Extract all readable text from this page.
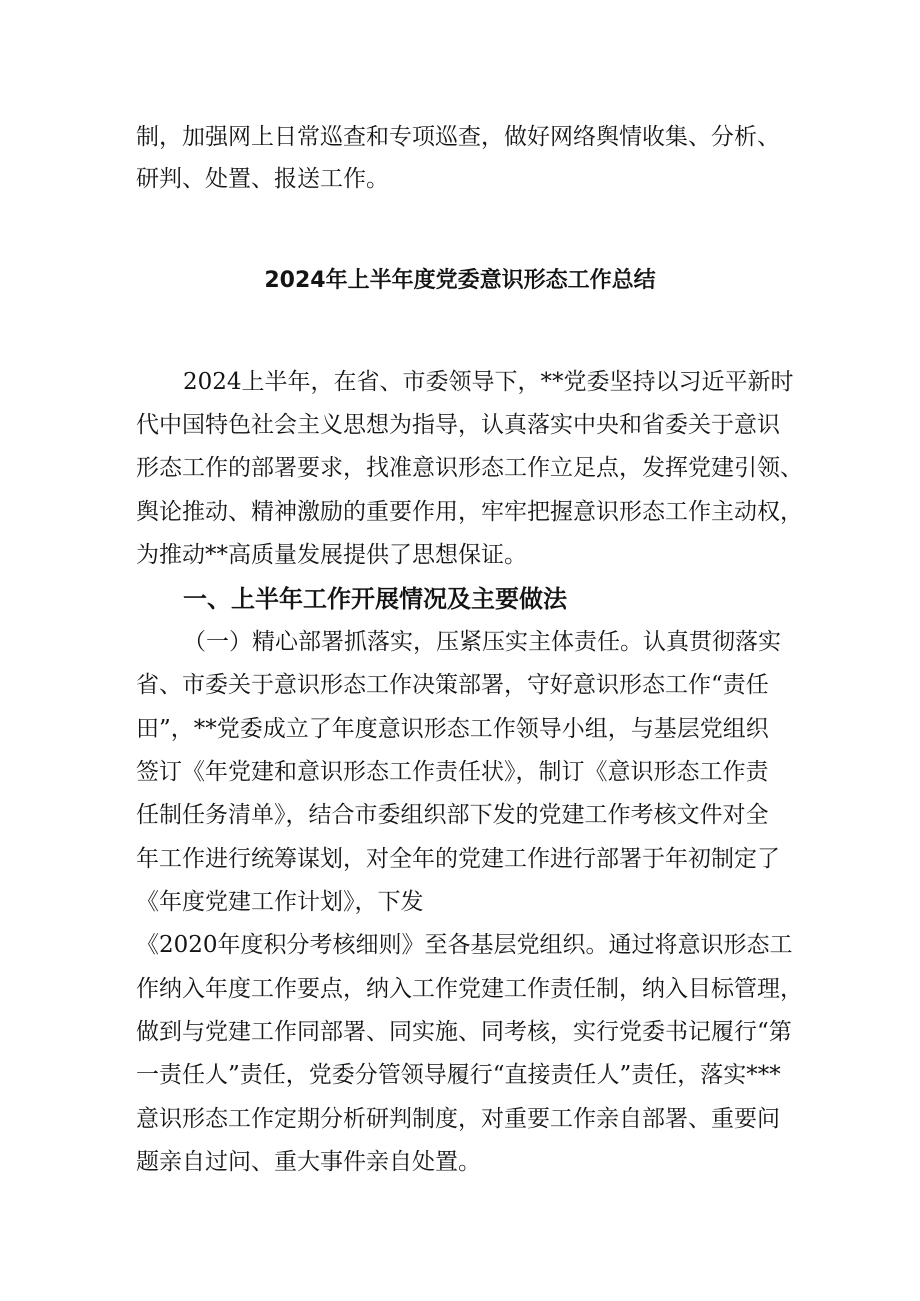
制，加强网上日常巡查和专项巡查，做好网络舆情收集、分析、

研判、处置、报送工作。

2024年上半年度党委意识形态工作总结

2024上半年，在省、市委领导下，**党委坚持以习近平新时

代中国特色社会主义思想为指导，认真落实中央和省委关于意识

形态工作的部署要求，找准意识形态工作立足点，发挥党建引领、

舆论推动、精神激励的重要作用，牢牢把握意识形态工作主动权，

为推动**高质量发展提供了思想保证。

一、上半年工作开展情况及主要做法

（一）精心部署抓落实，压紧压实主体责任。认真贯彻落实

省、市委关于意识形态工作决策部署，守好意识形态工作“责任

田”，**党委成立了年度意识形态工作领导小组，与基层党组织

签订《年党建和意识形态工作责任状》，制订《意识形态工作责

任制任务清单》，结合市委组织部下发的党建工作考核文件对全

年工作进行统筹谋划，对全年的党建工作进行部署于年初制定了

《年度党建工作计划》，下发

《2020年度积分考核细则》至各基层党组织。通过将意识形态工

作纳入年度工作要点，纳入工作党建工作责任制，纳入目标管理，

做到与党建工作同部署、同实施、同考核，实行党委书记履行“第

一责任人”责任，党委分管领导履行“直接责任人”责任，落实***

意识形态工作定期分析研判制度，对重要工作亲自部署、重要问

题亲自过问、重大事件亲自处置。
